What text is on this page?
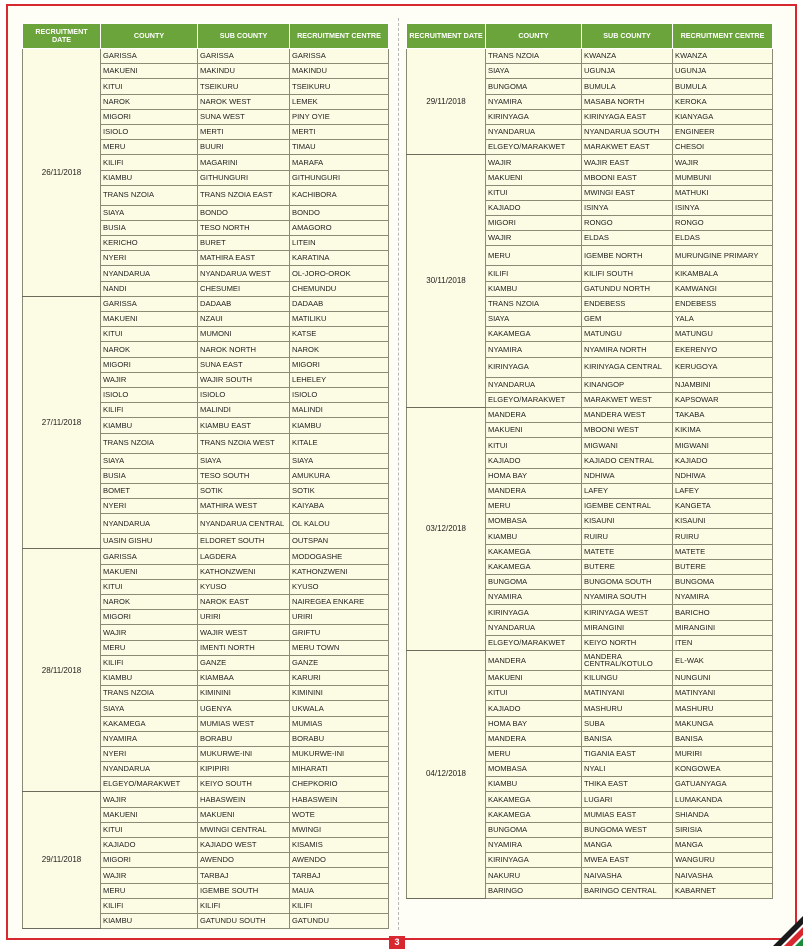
RECRUITMENT DATE	COUNTY	SUB COUNTY	RECRUITMENT CENTRE
26/11/2018	GARISSA	GARISSA	GARISSA
	MAKUENI	MAKINDU	MAKINDU
	KITUI	TSEIKURU	TSEIKURU
	NAROK	NAROK WEST	LEMEK
	MIGORI	SUNA WEST	PINY OYIE
	ISIOLO	MERTI	MERTI
	MERU	BUURI	TIMAU
	KILIFI	MAGARINI	MARAFA
	KIAMBU	GITHUNGURI	GITHUNGURI
	TRANS NZOIA	TRANS NZOIA EAST	KACHIBORA
	SIAYA	BONDO	BONDO
	BUSIA	TESO NORTH	AMAGORO
	KERICHO	BURET	LITEIN
	NYERI	MATHIRA EAST	KARATINA
	NYANDARUA	NYANDARUA WEST	OL-JORO-OROK
	NANDI	CHESUMEI	CHEMUNDU
27/11/2018	GARISSA	DADAAB	DADAAB
	MAKUENI	NZAUI	MATILIKU
	KITUI	MUMONI	KATSE
	NAROK	NAROK NORTH	NAROK
	MIGORI	SUNA EAST	MIGORI
	WAJIR	WAJIR SOUTH	LEHELEY
	ISIOLO	ISIOLO	ISIOLO
	KILIFI	MALINDI	MALINDI
	KIAMBU	KIAMBU EAST	KIAMBU
	TRANS NZOIA	TRANS NZOIA WEST	KITALE
	SIAYA	SIAYA	SIAYA
	BUSIA	TESO SOUTH	AMUKURA
	BOMET	SOTIK	SOTIK
	NYERI	MATHIRA WEST	KAIYABA
	NYANDARUA	NYANDARUA CENTRAL	OL KALOU
	UASIN GISHU	ELDORET SOUTH	OUTSPAN
28/11/2018	GARISSA	LAGDERA	MODOGASHE
	MAKUENI	KATHONZWENI	KATHONZWENI
	KITUI	KYUSO	KYUSO
	NAROK	NAROK EAST	NAIREGEA ENKARE
	MIGORI	URIRI	URIRI
	WAJIR	WAJIR WEST	GRIFTU
	MERU	IMENTI NORTH	MERU TOWN
	KILIFI	GANZE	GANZE
	KIAMBU	KIAMBAA	KARURI
	TRANS NZOIA	KIMININI	KIMININI
	SIAYA	UGENYA	UKWALA
	KAKAMEGA	MUMIAS WEST	MUMIAS
	NYAMIRA	BORABU	BORABU
	NYERI	MUKURWE-INI	MUKURWE-INI
	NYANDARUA	KIPIPIRI	MIHARATI
	ELGEYO/MARAKWET	KEIYO SOUTH	CHEPKORIO
29/11/2018	WAJIR	HABASWEIN	HABASWEIN
	MAKUENI	MAKUENI	WOTE
	KITUI	MWINGI CENTRAL	MWINGI
	KAJIADO	KAJIADO WEST	KISAMIS
	MIGORI	AWENDO	AWENDO
	WAJIR	TARBAJ	TARBAJ
	MERU	IGEMBE SOUTH	MAUA
	KILIFI	KILIFI	KILIFI
	KIAMBU	GATUNDU SOUTH	GATUNDU
RECRUITMENT DATE	COUNTY	SUB COUNTY	RECRUITMENT CENTRE
29/11/2018	TRANS NZOIA	KWANZA	KWANZA
	SIAYA	UGUNJA	UGUNJA
	BUNGOMA	BUMULA	BUMULA
	NYAMIRA	MASABA NORTH	KEROKA
	KIRINYAGA	KIRINYAGA EAST	KIANYAGA
	NYANDARUA	NYANDARUA SOUTH	ENGINEER
	ELGEYO/MARAKWET	MARAKWET EAST	CHESOI
30/11/2018	WAJIR	WAJIR EAST	WAJIR
	MAKUENI	MBOONI EAST	MUMBUNI
	KITUI	MWINGI EAST	MATHUKI
	KAJIADO	ISINYA	ISINYA
	MIGORI	RONGO	RONGO
	WAJIR	ELDAS	ELDAS
	MERU	IGEMBE NORTH	MURUNGINE PRIMARY
	KILIFI	KILIFI SOUTH	KIKAMBALA
	KIAMBU	GATUNDU NORTH	KAMWANGI
	TRANS NZOIA	ENDEBESS	ENDEBESS
	SIAYA	GEM	YALA
	KAKAMEGA	MATUNGU	MATUNGU
	NYAMIRA	NYAMIRA NORTH	EKERENYO
	KIRINYAGA	KIRINYAGA CENTRAL	KERUGOYA
	NYANDARUA	KINANGOP	NJAMBINI
	ELGEYO/MARAKWET	MARAKWET WEST	KAPSOWAR
03/12/2018	MANDERA	MANDERA WEST	TAKABA
	MAKUENI	MBOONI WEST	KIKIMA
	KITUI	MIGWANI	MIGWANI
	KAJIADO	KAJIADO CENTRAL	KAJIADO
	HOMA BAY	NDHIWA	NDHIWA
	MANDERA	LAFEY	LAFEY
	MERU	IGEMBE CENTRAL	KANGETA
	MOMBASA	KISAUNI	KISAUNI
	KIAMBU	RUIRU	RUIRU
	KAKAMEGA	MATETE	MATETE
	KAKAMEGA	BUTERE	BUTERE
	BUNGOMA	BUNGOMA SOUTH	BUNGOMA
	NYAMIRA	NYAMIRA SOUTH	NYAMIRA
	KIRINYAGA	KIRINYAGA WEST	BARICHO
	NYANDARUA	MIRANGINI	MIRANGINI
	ELGEYO/MARAKWET	KEIYO NORTH	ITEN
04/12/2018	MANDERA	MANDERA CENTRAL/KOTULO	EL-WAK
	MAKUENI	KILUNGU	NUNGUNI
	KITUI	MATINYANI	MATINYANI
	KAJIADO	MASHURU	MASHURU
	HOMA BAY	SUBA	MAKUNGA
	MANDERA	BANISA	BANISA
	MERU	TIGANIA EAST	MURIRI
	MOMBASA	NYALI	KONGOWEA
	KIAMBU	THIKA EAST	GATUANYAGA
	KAKAMEGA	LUGARI	LUMAKANDA
	KAKAMEGA	MUMIAS EAST	SHIANDA
	BUNGOMA	BUNGOMA WEST	SIRISIA
	NYAMIRA	MANGA	MANGA
	KIRINYAGA	MWEA EAST	WANGURU
	NAKURU	NAIVASHA	NAIVASHA
	BARINGO	BARINGO CENTRAL	KABARNET
3
